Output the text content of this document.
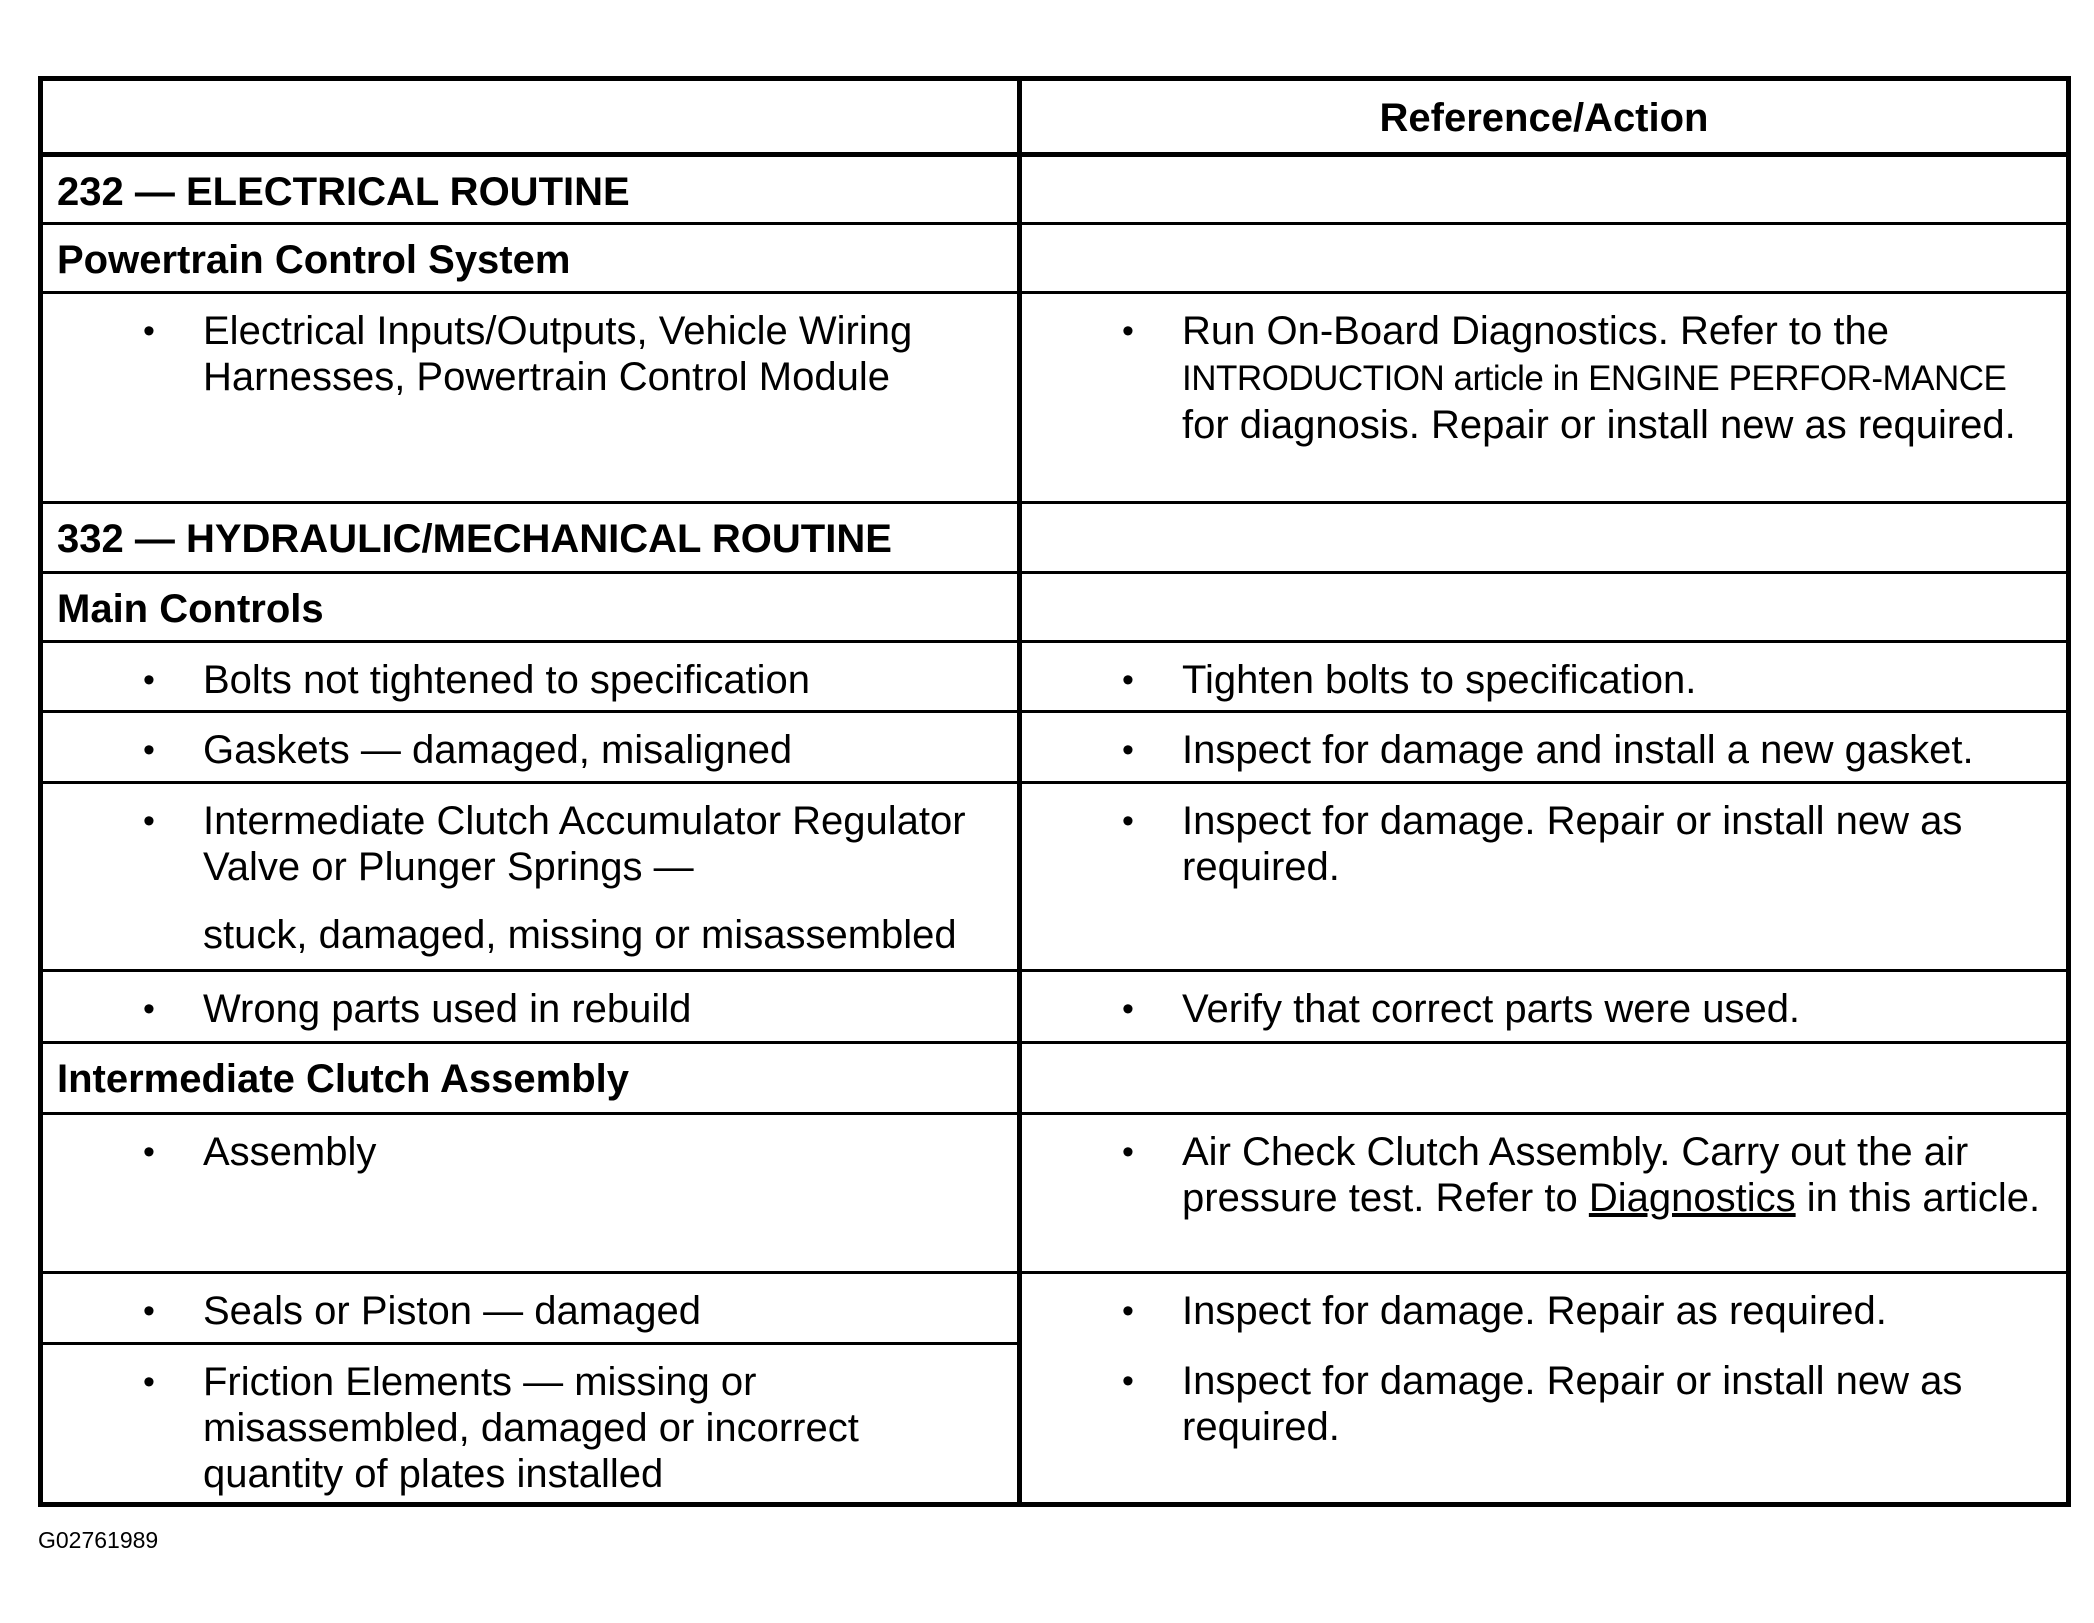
	Reference/Action
232 — ELECTRICAL ROUTINE	
Powertrain Control System	

• Electrical Inputs/Outputs, Vehicle Wiring Harnesses, Powertrain Control Module	• Run On-Board Diagnostics. Refer to the INTRODUCTION article in ENGINE PERFOR-MANCE for diagnosis. Repair or install new as required.

332 — HYDRAULIC/MECHANICAL ROUTINE	
Main Controls	

• Bolts not tightened to specification	• Tighten bolts to specification.

• Gaskets — damaged, misaligned	• Inspect for damage and install a new gasket.

• Intermediate Clutch Accumulator Regulator Valve or Plunger Springs —
stuck, damaged, missing or misassembled	• Inspect for damage. Repair or install new as required.

• Wrong parts used in rebuild	• Verify that correct parts were used.

Intermediate Clutch Assembly	

• Assembly	• Air Check Clutch Assembly. Carry out the air pressure test. Refer to Diagnostics in this article.

• Seals or Piston — damaged	• Inspect for damage. Repair as required.

• Friction Elements — missing or misassembled, damaged or incorrect quantity of plates installed	• Inspect for damage. Repair or install new as required.
G02761989
